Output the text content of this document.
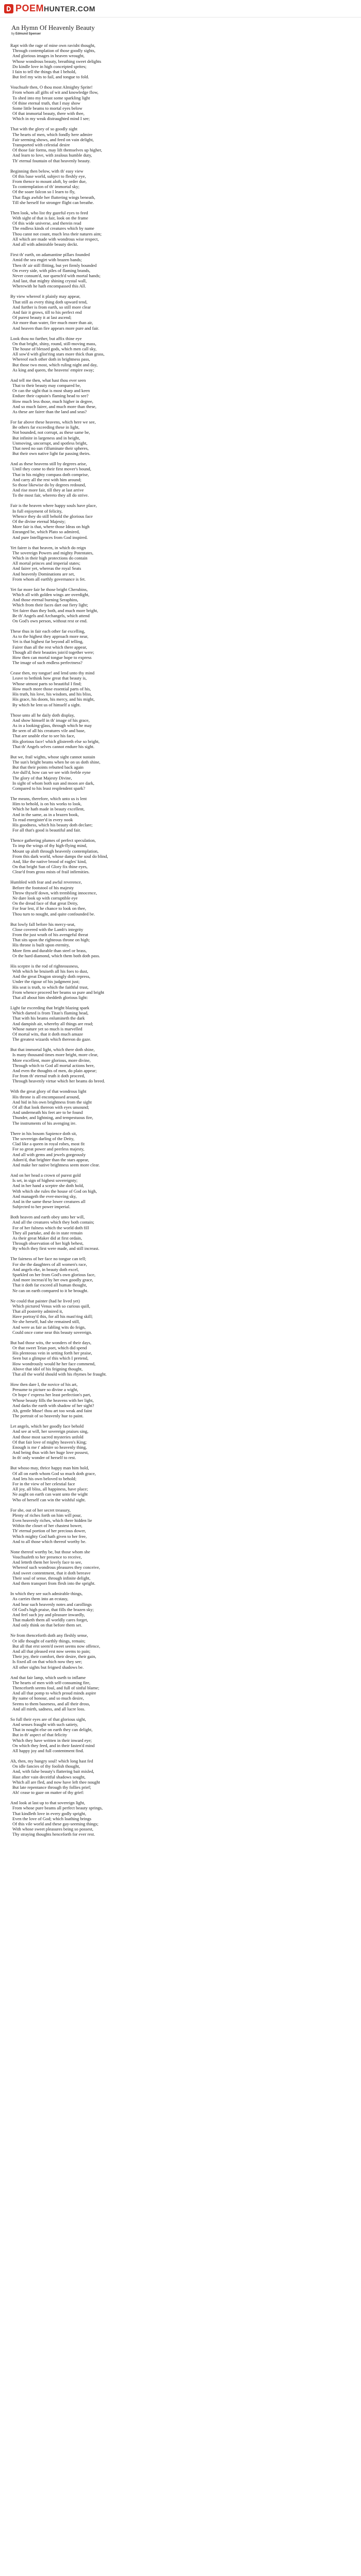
POEMHUNTER.COM
An Hymn Of Heavenly Beauty
by Edmund Spenser
Rapt with the rage of mine own ravisht thought,
Through contemplation of those goodly sights,
And glorious images in heaven wrought,
Whose wondrous beauty, breathing sweet delights
Do kindle love in high conceipted sprites;
I fain to tell the things that I behold,
But feel my wits to fail, and tongue to fold.
Vouchsafe then, O thou most Almighty Sprite!
From whom all gifts of wit and knowledge flow,
To shed into my breast some sparkling light
Of thine eternal truth, that I may show
Some little beams to mortal eyes below
Of that immortal beauty, there with thee,
Which in my weak distraughted mind I see;
That with the glory of so goodly sight
The hearts of men, which fondly here admire
Fair seeming shows, and feed on vain delight,
Transported with celestial desire
Of those fair forms, may lift themselves up higher,
And learn to love, with zealous humble duty,
Th' eternal fountain of that heavenly beauty.
Beginning then below, with th' easy view
Of this base world, subject to fleshly eye,
From thence to mount aloft, by order due,
To contemplation of th' immortal sky;
Of the soare falcon so I learn to fly,
That flags awhile her fluttering wings beneath,
Till she herself for stronger flight can breathe.
Then look, who list thy gazeful eyes to feed
With sight of that is fair, look on the frame
Of this wide universe, and therein read
The endless kinds of creatures which by name
Thou canst not count, much less their natures aim;
All which are made with wondrous wise respect,
And all with admirable beauty deckt.
First th' earth, on adamantine pillars founded
Amid the sea engirt with brazen bands;
Then th' air still flitting, but yet firmly bounded
On every side, with piles of flaming brands,
Never consum'd, nor quench'd with mortal hands;
And last, that mighty shining crystal wall,
Wherewith he hath encompassed this All.
By view whereof it plainly may appear,
That still as every thing doth upward tend,
And further is from earth, so still more clear
And fair it grows, till to his perfect end
Of purest beauty it at last ascend;
Air more than water, fire much more than air,
And heaven than fire appears more pure and fair.
Look thou no further, but affix thine eye
On that bright, shiny, round, still-moving mass,
The house of blessed gods, which men call sky,
All sow'd with glist'ring stars more thick than grass,
Whereof each other doth in brightness pass,
But those two most, which ruling night and day,
As king and queen, the heavens' empire sway;
And tell me then, what hast thou ever seen
That to their beauty may compared be,
Or can the sight that is most sharp and keen
Endure their captain's flaming head to see?
How much less those, much higher in degree,
And so much fairer, and much more than these,
As these are fairer than the land and seas?
For far above these heavens, which here we see,
Be others far exceeding these in light,
Not bounded, not corrupt, as these same be,
But infinite in largeness and in height,
Unmoving, uncorrupt, and spotless bright,
That need no sun t'illuminate their spheres,
But their own native light far passing theirs.
And as these heavens still by degrees arise,
Until they come to their first mover's bound,
That in his mighty compass doth comprise,
And carry all the rest with him around;
So those likewise do by degrees redound,
And rise more fair, till they at last arrive
To the most fair, whereto they all do strive.
Fair is the heaven where happy souls have place,
In full enjoyment of felicity,
Whence they do still behold the glorious face
Of the divine eternal Majesty;
More fair is that, where those Ideas on high
Enranged be, which Plato so admired,
And pure Intelligences from God inspired.
Yet fairer is that heaven, in which do reign
The sovereign Powers and mighty Potentates,
Which in their high protections do contain
All mortal princes and imperial states;
And fairer yet, whereas the royal Seats
And heavenly Dominations are set,
From whom all earthly governance is fet.
Yet far more fair be those bright Cherubins,
Which all with golden wings are overdight,
And those eternal burning Seraphins,
Which from their faces dart out fiery light;
Yet fairer than they both, and much more bright,
Be th' Angels and Archangels, which attend
On God's own person, without rest or end.
These thus in fair each other far excelling,
As to the highest they approach more near,
Yet is that highest far beyond all telling,
Fairer than all the rest which there appear,
Though all their beauties join'd together were;
How then can mortal tongue hope to express
The image of such endless perfectness?
Cease then, my tongue! and lend unto thy mind
Leave to bethink how great that beauty is,
Whose utmost parts so beautiful I find;
How much more those essential parts of his,
His truth, his love, his wisdom, and his bliss,
His grace, his doom, his mercy, and his might,
By which he lent us of himself a sight.
Those unto all he daily doth display,
And show himself in th' image of his grace,
As in a looking-glass, through which he may
Be seen of all his creatures vile and base,
That are unable else to see his face,
His glorious face! which glistereth else so bright,
That th' Angels selves cannot endure his sight.
But we, frail wights, whose sight cannot sustain
The sun's bright beams when he on us doth shine,
But that their points rebutted back again
Are dull'd, how can we see with feeble eyne
The glory of that Majesty Divine,
In sight of whom both sun and moon are dark,
Compared to his least resplendent spark?
The means, therefore, which unto us is lent
Him to behold, is on his works to look,
Which he hath made in beauty excellent,
And in the same, as in a brazen book,
To read enregister'd in every nook
His goodness, which his beauty doth declare;
For all that's good is beautiful and fair.
Thence gathering plumes of perfect speculation,
To imp the wings of thy high-flying mind,
Mount up aloft through heavenly contemplation,
From this dark world, whose damps the soul do blind,
And, like the native brood of eagles' kind,
On that bright Sun of Glory fix thine eyes,
Clear'd from gross mists of frail infirmities.
Humbled with fear and awful reverence,
Before the footstool of his majesty
Throw thyself down, with trembling innocence,
Ne dare look up with corruptible eye
On the dread face of that great Deity,
For fear lest, if he chance to look on thee,
Thou turn to nought, and quite confounded be.
But lowly fall before his mercy-seat,
Close covered with the Lamb's integrity
From the just wrath of his avengeful threat
That sits upon the righteous throne on high;
His throne is built upon eternity,
More firm and durable than steel or brass,
Or the hard diamond, which them both doth pass.
His sceptre is the rod of righteousness,
With which he bruiseth all his foes to dust,
And the great Dragon strongly doth repress,
Under the rigour of his judgment just;
His seat is truth, to which the faithful trust,
From whence proceed her beams so pure and bright
That all about him sheddeth glorious light:
Light far exceeding that bright blazing spark
Which darted is from Titan's flaming head,
That with his beams enlumineth the dark
And dampish air, whereby all things are read;
Whose nature yet so much is marvelled
Of mortal wits, that it doth much amaze
The greatest wizards which thereon do gaze.
But that immortal light, which there doth shine,
Is many thousand times more bright, more clear,
More excellent, more glorious, more divine,
Through which to God all mortal actions here,
And even the thoughts of men, do plain appear;
For from th' eternal truth it doth proceed,
Through heavenly virtue which her beams do breed.
With the great glory of that wondrous light
His throne is all encompassed around,
And hid in his own brightness from the sight
Of all that look thereon with eyes unsound;
And underneath his feet are to be found
Thunder, and lightning, and tempestuous fire,
The instruments of his avenging ire.
There in his bosom Sapience doth sit,
The sovereign darling of the Deity,
Clad like a queen in royal robes, most fit
For so great power and peerless majesty,
And all with gems and jewels gorgeously
Adorn'd, that brighter than the stars appear,
And make her native brightness seem more clear.
And on her head a crown of purest gold
Is set, in sign of highest sovereignty;
And in her hand a sceptre she doth hold,
With which she rules the house of God on high,
And manageth the ever-moving sky,
And in the same these lower creatures all
Subjected to her power imperial.
Both heaven and earth obey unto her will,
And all the creatures which they both contain;
For of her fulness which the world doth fill
They all partake, and do in state remain
As their great Maker did at first ordain,
Through observation of her high behest,
By which they first were made, and still increast.
The fairness of her face no tongue can tell;
For she the daughters of all women's race,
And angels eke, in beauty doth excel,
Sparkled on her from God's own glorious face,
And more increas'd by her own goodly grace,
That it doth far exceed all human thought,
Ne can on earth compared to it be brought.
Ne could that painter (had he lived yet)
Which pictured Venus with so curious quill,
That all posterity admired it,
Have portray'd this, for all his mast'ring skill;
Ne she herself, had she remained still,
And were as fair as fabling wits do feign,
Could once come near this beauty sovereign.
But had those wits, the wonders of their days,
Or that sweet Teian poet, which did spend
His plenteous vein in setting forth her praise,
Seen but a glimpse of this which I pretend,
How wondrously would he her face commend,
Above that idol of his feigning thought,
That all the world should with his rhymes be fraught.
How then dare I, the novice of his art,
Presume to picture so divine a wight,
Or hope t' express her least perfection's part,
Whose beauty fills the heavens with her light,
And darks the earth with shadow of her sight?
Ah, gentle Muse! thou art too weak and faint
The portrait of so heavenly hue to paint.
Let angels, which her goodly face behold
And see at will, her sovereign praises sing,
And those most sacred mysteries unfold
Of that fair love of mighty heaven's King;
Enough is me t' admire so heavenly thing,
And being thus with her huge love possest,
In th' only wonder of herself to rest.
But whoso may, thrice happy man him hold,
Of all on earth whom God so much doth grace,
And lets his own beloved to behold;
For in the view of her celestial face
All joy, all bliss, all happiness, have place;
Ne aught on earth can want unto the wight
Who of herself can win the wishful sight.
For she, out of her secret treasury,
Plenty of riches forth on him will pour,
Even heavenly riches, which there hidden lie
Within the closet of her chastest bower,
Th' eternal portion of her precious dower,
Which mighty God hath given to her free,
And to all those which thereof worthy be.
None thereof worthy be, but those whom she
Vouchsafeth to her presence to receive,
And letteth them her lovely face to see,
Whereof such wondrous pleasures they conceive,
And sweet contentment, that it doth bereave
Their soul of sense, through infinite delight,
And them transport from flesh into the spright.
In which they see such admirable things,
As carries them into an ecstasy,
And hear such heavenly notes and carollings
Of God's high praise, that fills the brazen sky;
And feel such joy and pleasure inwardly,
That maketh them all worldly cares forget,
And only think on that before them set.
Ne from thenceforth doth any fleshly sense,
Or idle thought of earthly things, remain;
But all that erst seem'd sweet seems now offence,
And all that pleased erst now seems to pain;
Their joy, their comfort, their desire, their gain,
Is fixed all on that which now they see;
All other sights but feigned shadows be.
And that fair lamp, which useth to inflame
The hearts of men with self-consuming fire,
Thenceforth seems foul, and full of sinful blame;
And all that pomp to which proud minds aspire
By name of honour, and so much desire,
Seems to them baseness, and all their dross,
And all mirth, sadness, and all lucre loss.
So full their eyes are of that glorious sight,
And senses fraught with such satiety,
That in nought else on earth they can delight,
But in th' aspect of that felicity
Which they have written in their inward eye;
On which they feed, and in their fasten'd mind
All happy joy and full contentment find.
Ah, then, my hungry soul! which long hast fed
On idle fancies of thy foolish thought,
And, with false beauty's flattering bait misled,
Hast after vain deceitful shadows sought,
Which all are fled, and now have left thee nought
But late repentance through thy follies prief;
Ah! cease to gaze on matter of thy grief:
And look at last up to that sovereign light,
From whose pure beams all perfect beauty springs,
That kindleth love in every godly spright,
Even the love of God; which loathing brings
Of this vile world and these gay-seeming things;
With whose sweet pleasures being so possest,
Thy straying thoughts henceforth for ever rest.
